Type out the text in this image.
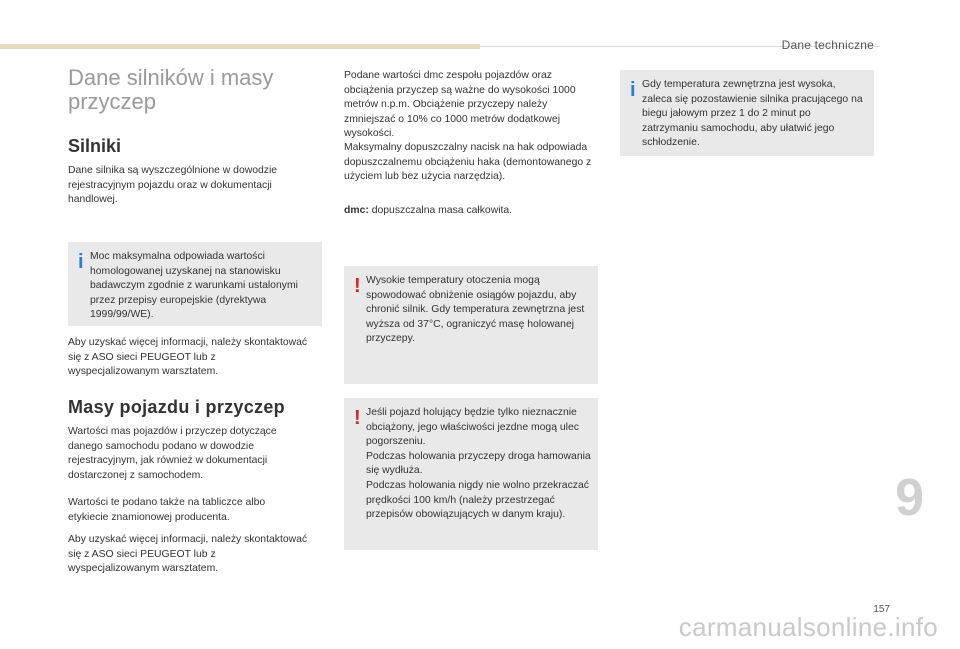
Dane techniczne
Dane silników i masy przyczep
Silniki

Dane silnika są wyszczególnione w dowodzie rejestracyjnym pojazdu oraz w dokumentacji handlowej.

i Moc maksymalna odpowiada wartości homologowanej uzyskanej na stanowisku badawczym zgodnie z warunkami ustalonymi przez przepisy europejskie (dyrektywa 1999/99/WE).

Aby uzyskać więcej informacji, należy skontaktować się z ASO sieci PEUGEOT lub z wyspecjalizowanym warsztatem.

Masy pojazdu i przyczep

Wartości mas pojazdów i przyczep dotyczące danego samochodu podano w dowodzie rejestracyjnym, jak również w dokumentacji dostarczonej z samochodem.

Wartości te podano także na tabliczce albo etykiecie znamionowej producenta.

Aby uzyskać więcej informacji, należy skontaktować się z ASO sieci PEUGEOT lub z wyspecjalizowanym warsztatem.

Podane wartości dmc zespołu pojazdów oraz obciążenia przyczep są ważne do wysokości 1000 metrów n.p.m. Obciążenie przyczepy należy zmniejszać o 10% co 1000 metrów dodatkowej wysokości.

Maksymalny dopuszczalny nacisk na hak odpowiada dopuszczalnemu obciążeniu haka (demontowanego z użyciem lub bez użycia narzędzia).

dmc: dopuszczalna masa całkowita.

! Wysokie temperatury otoczenia mogą spowodować obniżenie osiągów pojazdu, aby chronić silnik. Gdy temperatura zewnętrzna jest wyższa od 37°C, ograniczyć masę holowanej przyczepy.

! Jeśli pojazd holujący będzie tylko nieznacznie obciążony, jego właściwości jezdne mogą ulec pogorszeniu.
Podczas holowania przyczepy droga hamowania się wydłuża.
Podczas holowania nigdy nie wolno przekraczać prędkości 100 km/h (należy przestrzegać przepisów obowiązujących w danym kraju).

i Gdy temperatura zewnętrzna jest wysoka, zaleca się pozostawienie silnika pracującego na biegu jałowym przez 1 do 2 minut po zatrzymaniu samochodu, aby ułatwić jego schłodzenie.

9
157
carmanualsonline.info
